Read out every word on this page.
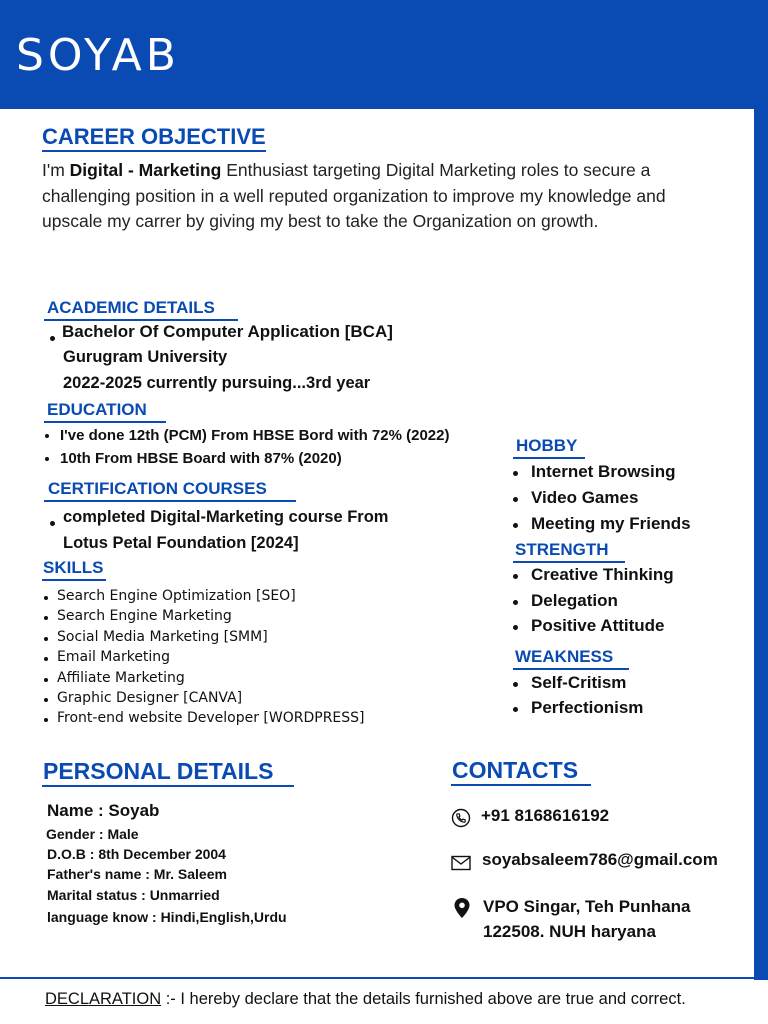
SOYAB
CAREER OBJECTIVE
I'm Digital - Marketing Enthusiast targeting Digital Marketing roles to secure a challenging position in a well reputed organization to improve my knowledge and upscale my carrer by giving my best to take the Organization on growth.
ACADEMIC DETAILS
Bachelor Of Computer Application [BCA]
Gurugram University
2022-2025 currently pursuing...3rd year
EDUCATION
I've done 12th (PCM) From HBSE Bord with 72% (2022)
10th From HBSE Board with 87% (2020)
CERTIFICATION COURSES
completed Digital-Marketing course From
Lotus Petal Foundation [2024]
SKILLS
Search Engine Optimization [SEO]
Search Engine Marketing
Social Media Marketing [SMM]
Email Marketing
Affiliate Marketing
Graphic Designer [CANVA]
Front-end website Developer [WORDPRESS]
HOBBY
Internet Browsing
Video Games
Meeting my Friends
STRENGTH
Creative Thinking
Delegation
Positive Attitude
WEAKNESS
Self-Critism
Perfectionism
PERSONAL DETAILS
Name : Soyab
Gender : Male
D.O.B : 8th December 2004
Father's name : Mr. Saleem
Marital status : Unmarried
language know : Hindi,English,Urdu
CONTACTS
+91 8168616192
soyabsaleem786@gmail.com
VPO Singar, Teh Punhana
122508. NUH haryana
DECLARATION :- I hereby declare that the details furnished above are true and correct.
